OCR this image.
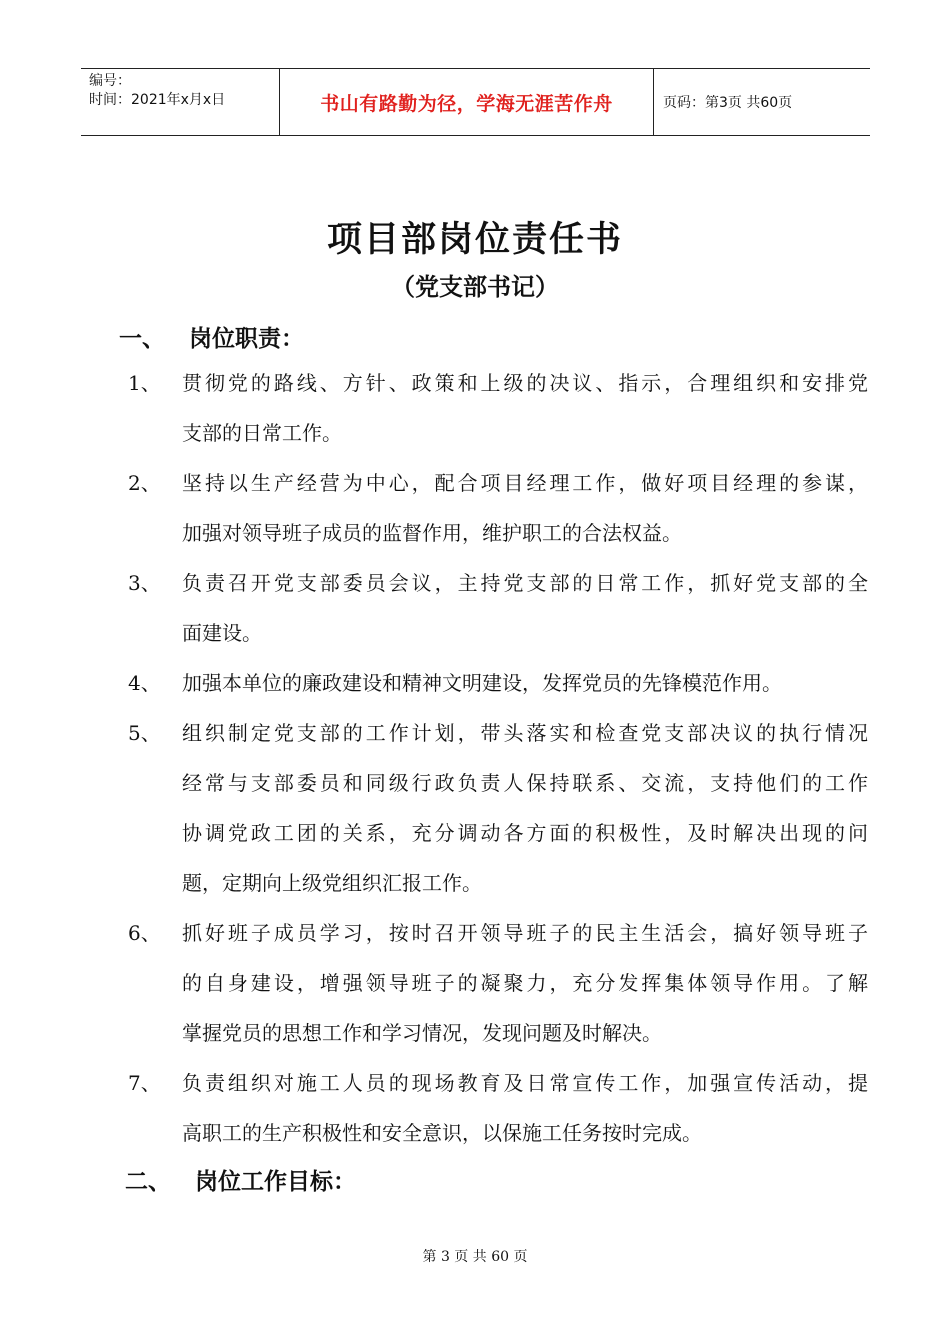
编号：
时间：2021年x月x日	书山有路勤为径，学海无涯苦作舟	页码：第3页 共60页
项目部岗位责任书
（党支部书记）
一、 岗位职责：
1、	贯彻党的路线、方针、政策和上级的决议、指示，合理组织和安排党
支部的日常工作。
2、	坚持以生产经营为中心，配合项目经理工作，做好项目经理的参谋，
加强对领导班子成员的监督作用，维护职工的合法权益。
3、	负责召开党支部委员会议，主持党支部的日常工作，抓好党支部的全
面建设。
4、	加强本单位的廉政建设和精神文明建设，发挥党员的先锋模范作用。
5、	组织制定党支部的工作计划，带头落实和检查党支部决议的执行情况
经常与支部委员和同级行政负责人保持联系、交流，支持他们的工作
协调党政工团的关系，充分调动各方面的积极性，及时解决出现的问
题，定期向上级党组织汇报工作。
6、	抓好班子成员学习，按时召开领导班子的民主生活会，搞好领导班子
的自身建设，增强领导班子的凝聚力，充分发挥集体领导作用。了解
掌握党员的思想工作和学习情况，发现问题及时解决。
7、	负责组织对施工人员的现场教育及日常宣传工作，加强宣传活动，提
高职工的生产积极性和安全意识，以保施工任务按时完成。
二、 岗位工作目标：
第 3 页 共 60 页
